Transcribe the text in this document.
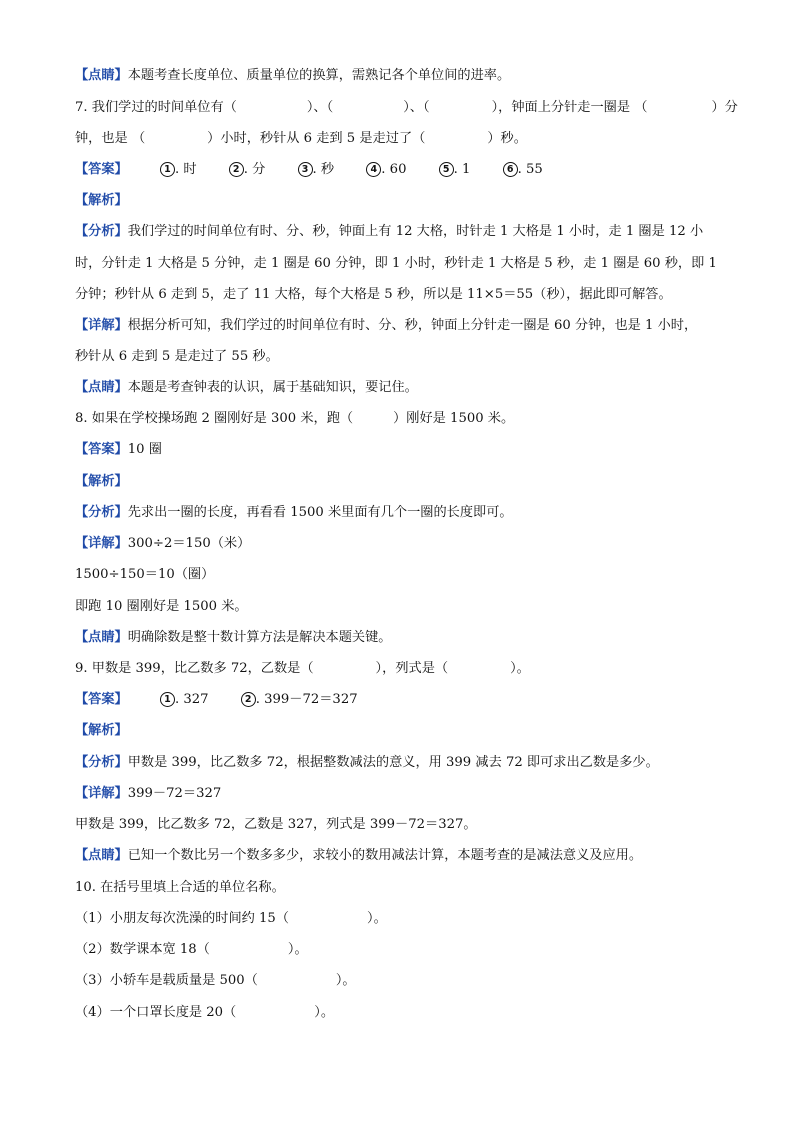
【点睛】本题考查长度单位、质量单位的换算，需熟记各个单位间的进率。
7. 我们学过的时间单位有（	）、（	）、（	），钟面上分针走一圈是 （	）分
钟，也是 （	）小时，秒针从 6 走到 5 是走过了（	）秒。
【答案】	1 . 时	2 . 分	3 . 秒	4 . 60	5 . 1	6 . 55
【解析】
【分析】我们学过的时间单位有时、分、秒，钟面上有 12 大格，时针走 1 大格是 1 小时，走 1 圈是 12 小
时，分针走 1 大格是 5 分钟，走 1 圈是 60 分钟，即 1 小时，秒针走 1 大格是 5 秒，走 1 圈是 60 秒，即 1
分钟；秒针从 6 走到 5，走了 11 大格，每个大格是 5 秒，所以是 11×5＝55（秒），据此即可解答。
【详解】根据分析可知，我们学过的时间单位有时、分、秒，钟面上分针走一圈是 60 分钟，也是 1 小时，
秒针从 6 走到 5 是走过了 55 秒。
【点睛】本题是考查钟表的认识，属于基础知识，要记住。
8. 如果在学校操场跑 2 圈刚好是 300 米，跑（	）刚好是 1500 米。
【答案】10 圈
【解析】
【分析】先求出一圈的长度，再看看 1500 米里面有几个一圈的长度即可。
【详解】300÷2＝150（米）
1500÷150＝10（圈）
即跑 10 圈刚好是 1500 米。
【点睛】明确除数是整十数计算方法是解决本题关键。
9. 甲数是 399，比乙数多 72，乙数是（	），列式是（	）。
【答案】	1 . 327	2 . 399－72＝327
【解析】
【分析】甲数是 399，比乙数多 72，根据整数减法的意义，用 399 减去 72 即可求出乙数是多少。
【详解】399－72＝327
甲数是 399，比乙数多 72，乙数是 327，列式是 399－72＝327。
【点睛】已知一个数比另一个数多多少，求较小的数用减法计算，本题考查的是减法意义及应用。
10. 在括号里填上合适的单位名称。
（1）小朋友每次洗澡的时间约 15（	）。
（2）数学课本宽 18（	）。
（3）小轿车是载质量是 500（	）。
（4）一个口罩长度是 20（	）。
